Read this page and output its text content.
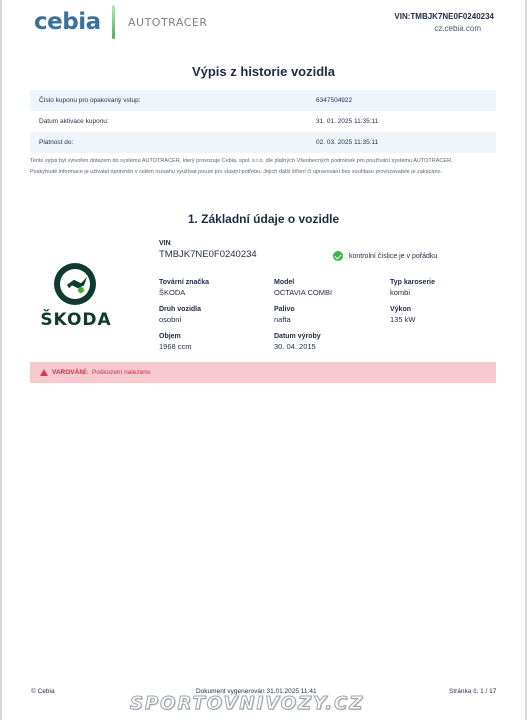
cebia AUTOTRACER	VIN:TMBJK7NE0F0240234
cz.cebia.com
Výpis z historie vozidla
Číslo kuponu pro opakovaný vstup:	6347504922
Datum aktivace kuponu:	31. 01. 2025 11:35:11
Platnost do:	02. 03. 2025 11:35:11
Tento výpis byl vytvořen dotazem do systému AUTOTRACER, který provozuje Cebia, spol. s r.o. dle platných Všeobecných podmínek pro používání systému AUTOTRACER. Poskytnuté informace je uživatel oprávněn v celém rozsahu využívat pouze pro vlastní potřebu. Jejich další šíření či upravování bez souhlasu provozovatele je zakázáno.
1. Základní údaje o vozidle
ŠKODA
VIN
TMBJK7NE0F0240234	kontrolní číslice je v pořádku
Tovární značka
ŠKODA
Model
OCTAVIA COMBI
Typ karoserie
kombi
Druh vozidla
osobní
Palivo
nafta
Výkon
135 kW
Objem
1968 ccm
Datum výroby
30. 04. 2015
VAROVÁNÍ: Poškození nalezeno
© Cebia	Dokument vygenerován 31.01.2025 11:41	Stránka č. 1 / 17
SPORTOVNIVOZY.CZ
